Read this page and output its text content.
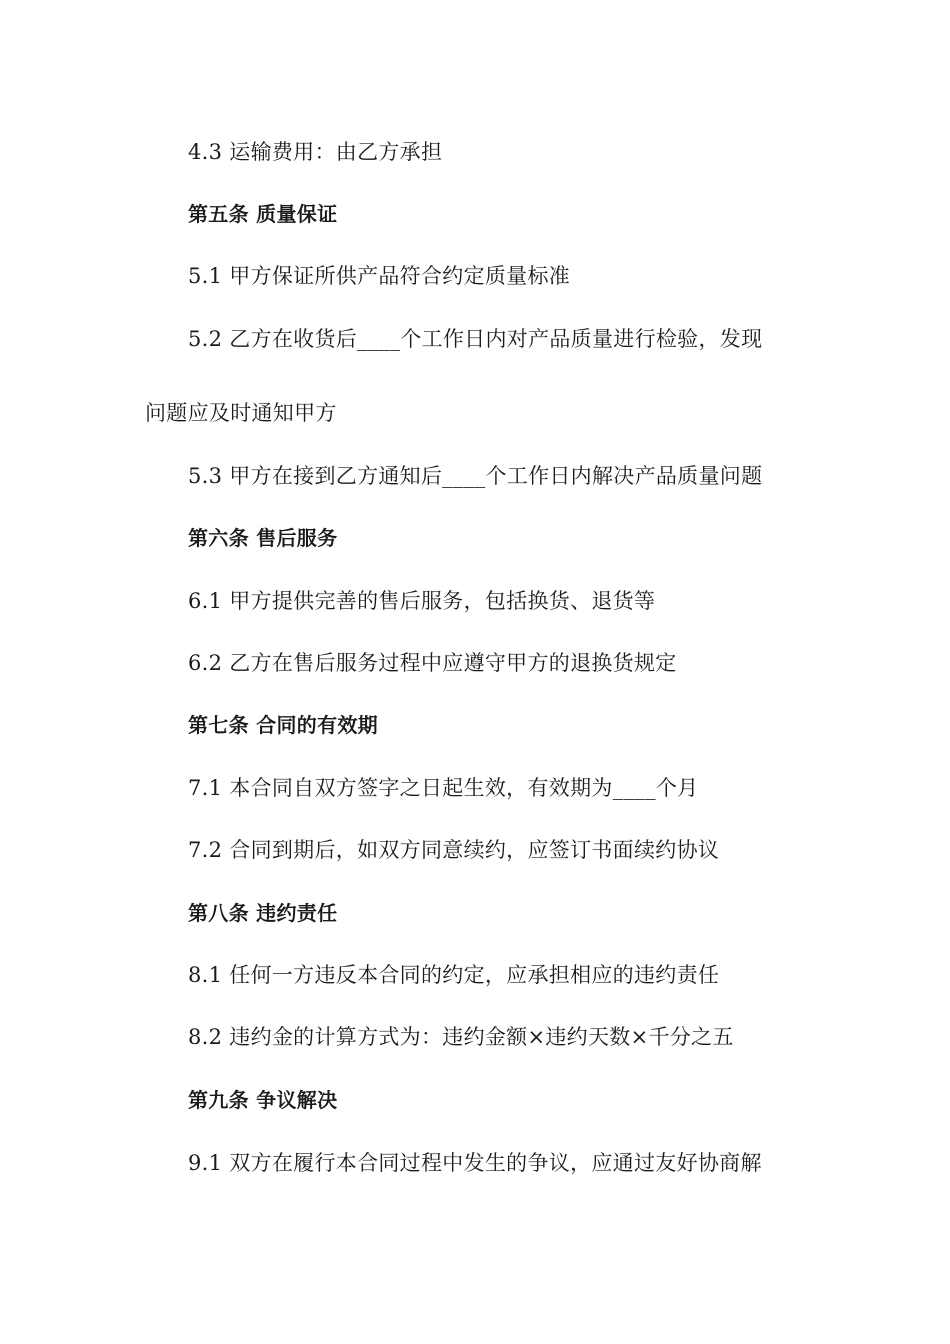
4.3 运输费用：由乙方承担
第五条 质量保证
5.1 甲方保证所供产品符合约定质量标准
5.2 乙方在收货后____个工作日内对产品质量进行检验，发现
问题应及时通知甲方
5.3 甲方在接到乙方通知后____个工作日内解决产品质量问题
第六条 售后服务
6.1 甲方提供完善的售后服务，包括换货、退货等
6.2 乙方在售后服务过程中应遵守甲方的退换货规定
第七条 合同的有效期
7.1 本合同自双方签字之日起生效，有效期为____个月
7.2 合同到期后，如双方同意续约，应签订书面续约协议
第八条 违约责任
8.1 任何一方违反本合同的约定，应承担相应的违约责任
8.2 违约金的计算方式为：违约金额×违约天数×千分之五
第九条 争议解决
9.1 双方在履行本合同过程中发生的争议，应通过友好协商解
